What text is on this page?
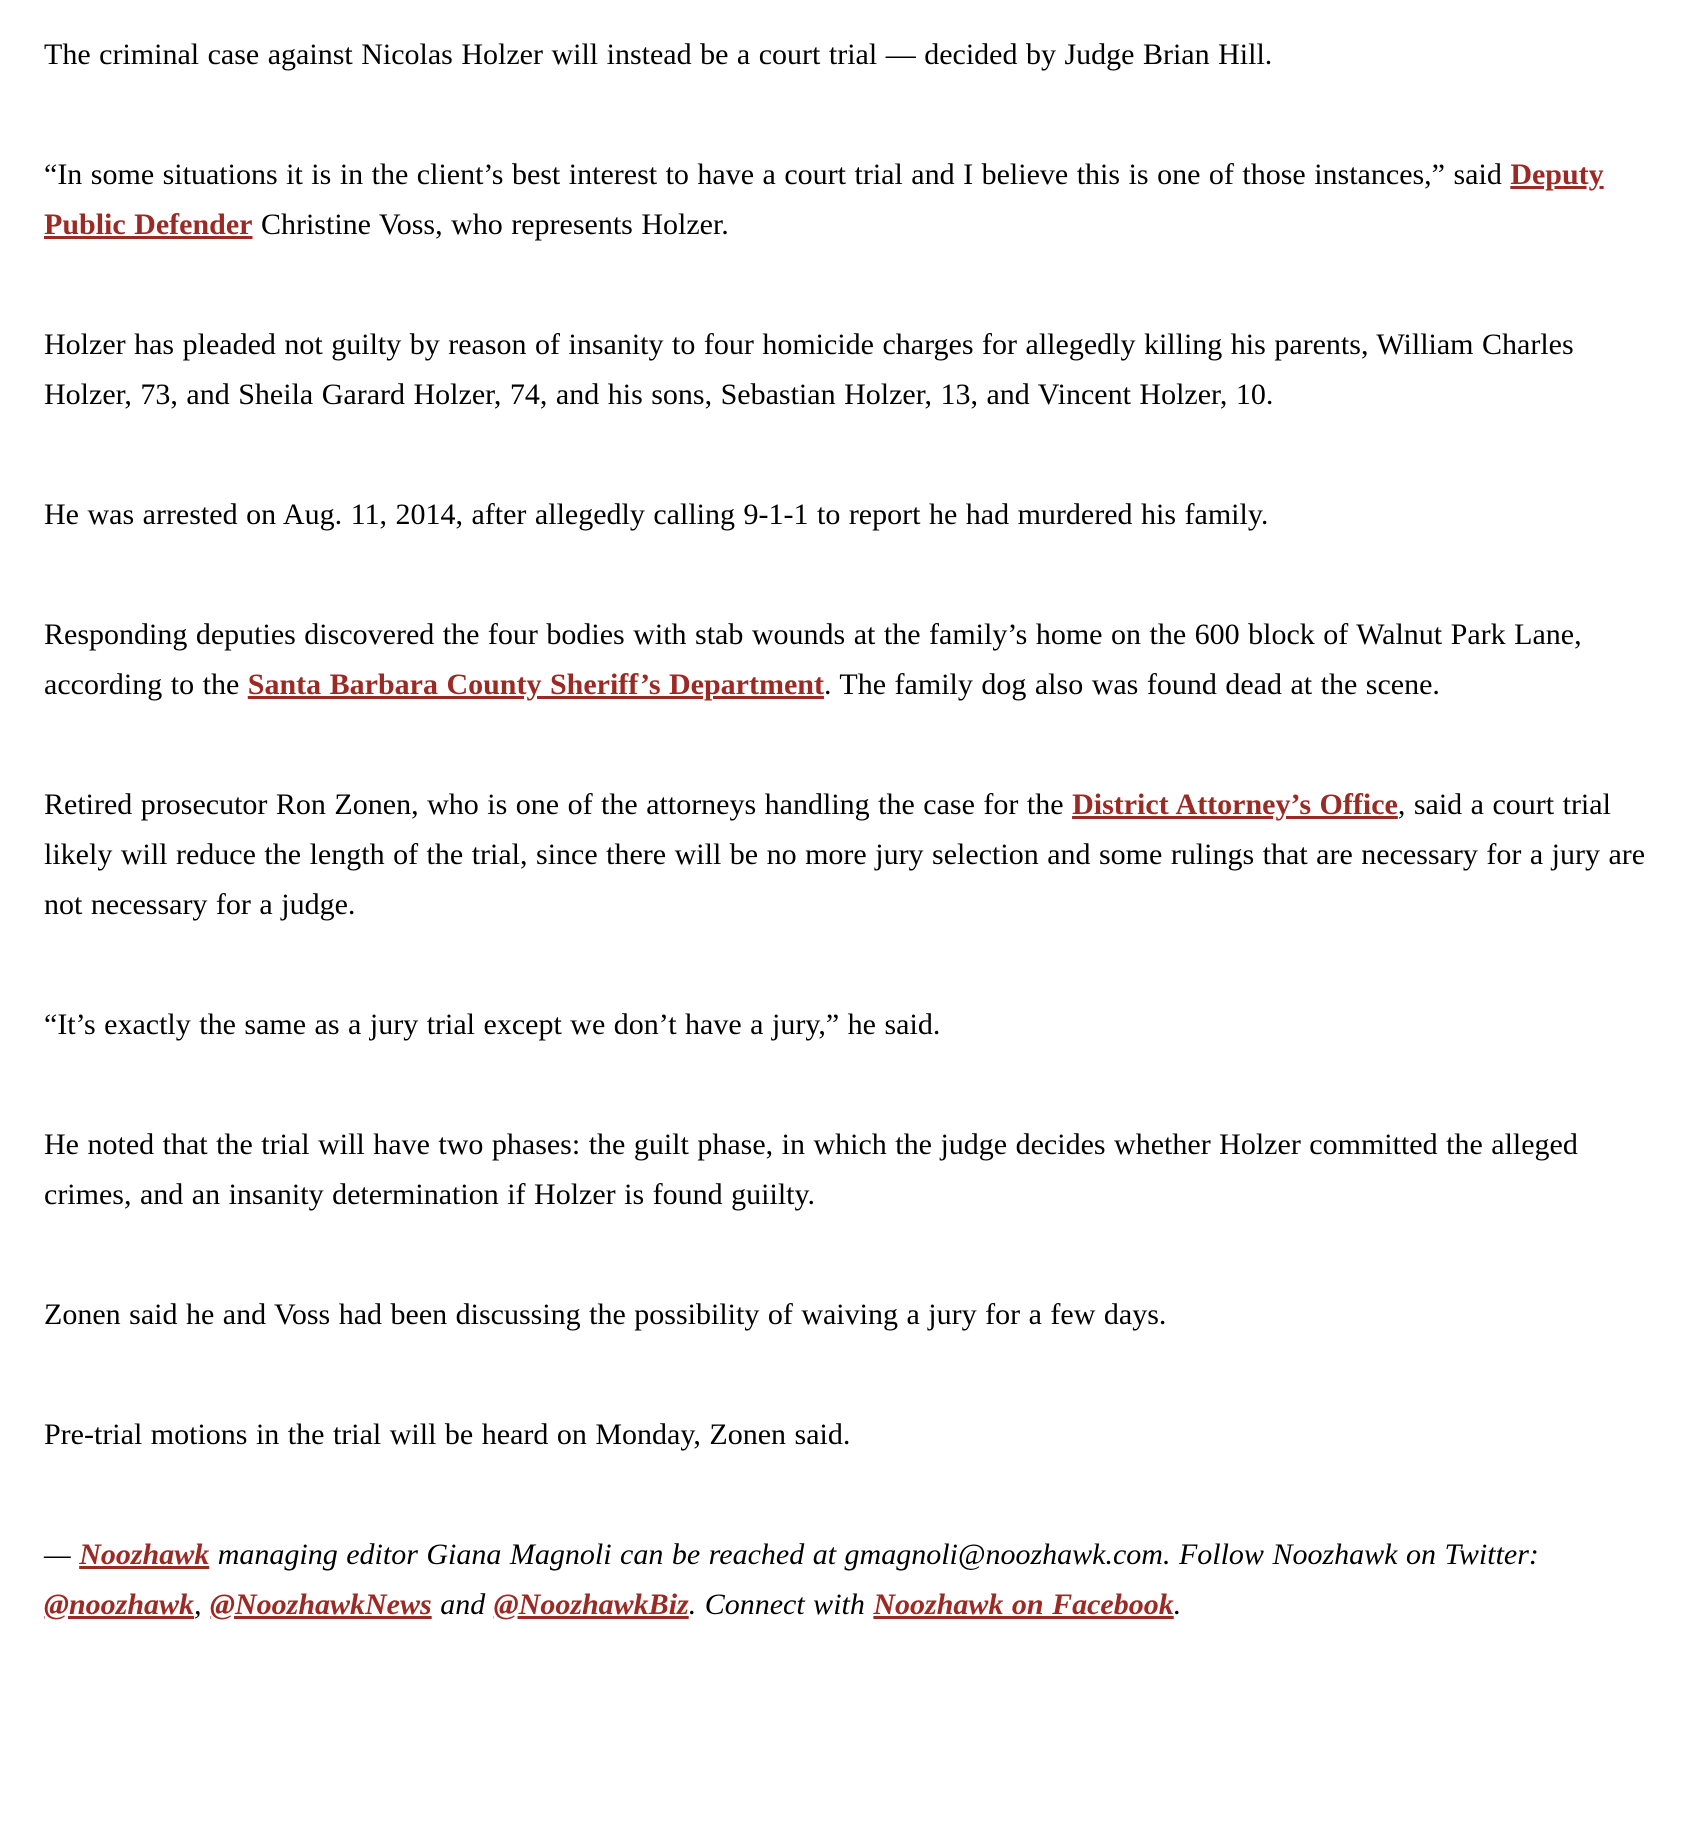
The criminal case against Nicolas Holzer will instead be a court trial — decided by Judge Brian Hill.

“In some situations it is in the client’s best interest to have a court trial and I believe this is one of those instances,” said Deputy Public Defender Christine Voss, who represents Holzer.

Holzer has pleaded not guilty by reason of insanity to four homicide charges for allegedly killing his parents, William Charles Holzer, 73, and Sheila Garard Holzer, 74, and his sons, Sebastian Holzer, 13, and Vincent Holzer, 10.

He was arrested on Aug. 11, 2014, after allegedly calling 9-1-1 to report he had murdered his family.

Responding deputies discovered the four bodies with stab wounds at the family’s home on the 600 block of Walnut Park Lane, according to the Santa Barbara County Sheriff’s Department. The family dog also was found dead at the scene.

Retired prosecutor Ron Zonen, who is one of the attorneys handling the case for the District Attorney’s Office, said a court trial likely will reduce the length of the trial, since there will be no more jury selection and some rulings that are necessary for a jury are not necessary for a judge.

“It’s exactly the same as a jury trial except we don’t have a jury,” he said.

He noted that the trial will have two phases: the guilt phase, in which the judge decides whether Holzer committed the alleged crimes, and an insanity determination if Holzer is found guiilty.

Zonen said he and Voss had been discussing the possibility of waiving a jury for a few days.

Pre-trial motions in the trial will be heard on Monday, Zonen said.

— Noozhawk managing editor Giana Magnoli can be reached at gmagnoli@noozhawk.com. Follow Noozhawk on Twitter: @noozhawk, @NoozhawkNews and @NoozhawkBiz. Connect with Noozhawk on Facebook.
